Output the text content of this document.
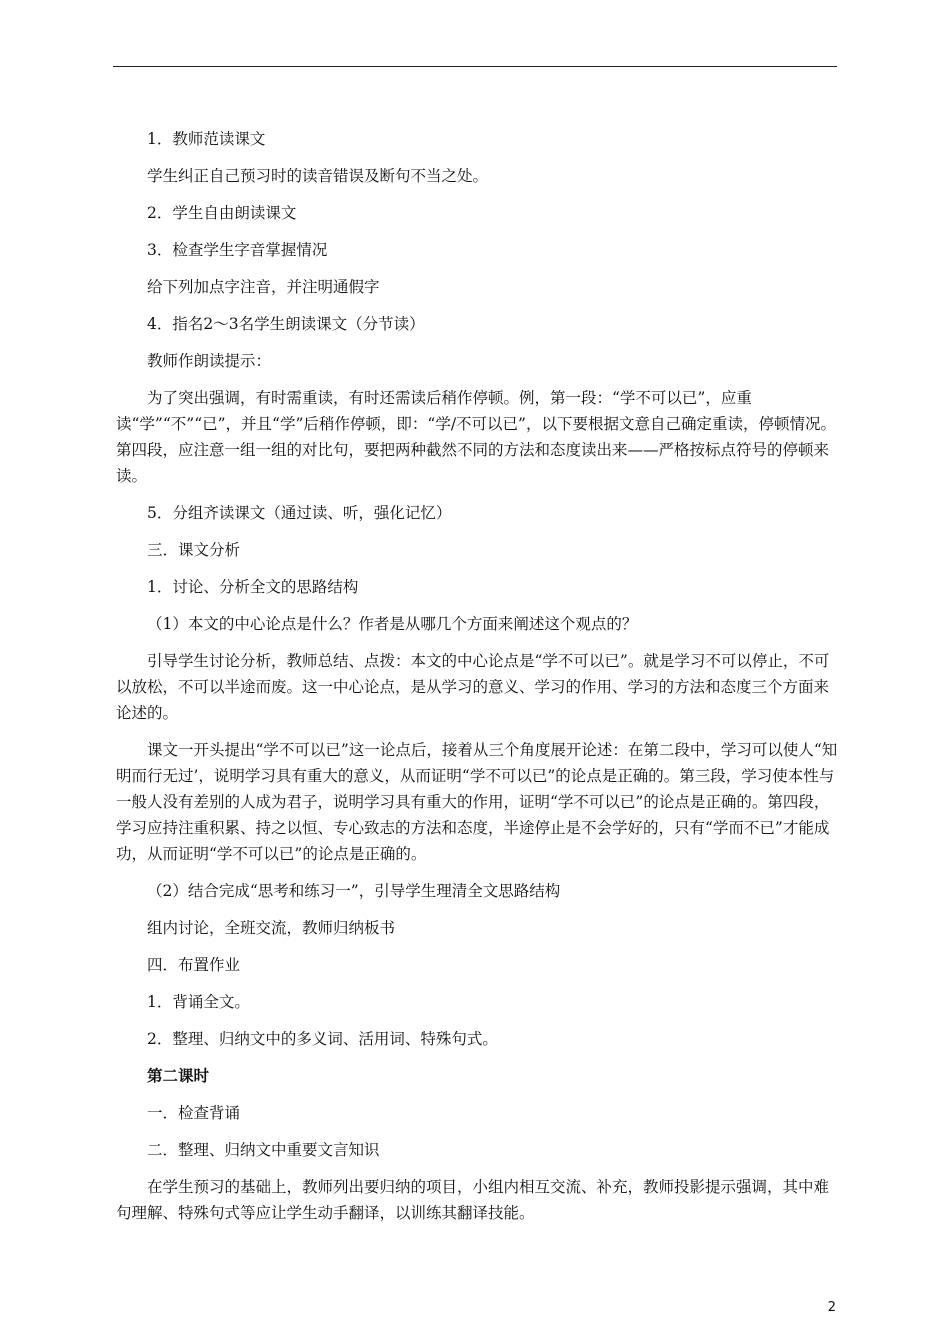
1．教师范读课文

学生纠正自己预习时的读音错误及断句不当之处。

2．学生自由朗读课文

3．检查学生字音掌握情况

给下列加点字注音，并注明通假字

4．指名2～3名学生朗读课文（分节读）

教师作朗读提示：

为了突出强调，有时需重读，有时还需读后稍作停顿。例，第一段：“学不可以已”，应重读“学”“不”“已”，并且“学”后稍作停顿，即：“学/不可以已”，以下要根据文意自己确定重读，停顿情况。第四段，应注意一组一组的对比句，要把两种截然不同的方法和态度读出来——严格按标点符号的停顿来读。

5．分组齐读课文（通过读、听，强化记忆）

三．课文分析

1．讨论、分析全文的思路结构

（1）本文的中心论点是什么？作者是从哪几个方面来阐述这个观点的？

引导学生讨论分析，教师总结、点拨：本文的中心论点是“学不可以已”。就是学习不可以停止，不可以放松，不可以半途而废。这一中心论点，是从学习的意义、学习的作用、学习的方法和态度三个方面来论述的。

课文一开头提出“学不可以已”这一论点后，接着从三个角度展开论述：在第二段中，学习可以使人“知明而行无过’，说明学习具有重大的意义，从而证明“学不可以已”的论点是正确的。第三段，学习使本性与一般人没有差别的人成为君子，说明学习具有重大的作用，证明“学不可以已”的论点是正确的。第四段，学习应持注重积累、持之以恒、专心致志的方法和态度，半途停止是不会学好的，只有“学而不已”才能成功，从而证明“学不可以已”的论点是正确的。

（2）结合完成“思考和练习一”，引导学生理清全文思路结构

组内讨论，全班交流，教师归纳板书

四．布置作业

1．背诵全文。

2．整理、归纳文中的多义词、活用词、特殊句式。

第二课时

一．检查背诵

二．整理、归纳文中重要文言知识

在学生预习的基础上，教师列出要归纳的项目，小组内相互交流、补充，教师投影提示强调，其中难句理解、特殊句式等应让学生动手翻译，以训练其翻译技能。

2
